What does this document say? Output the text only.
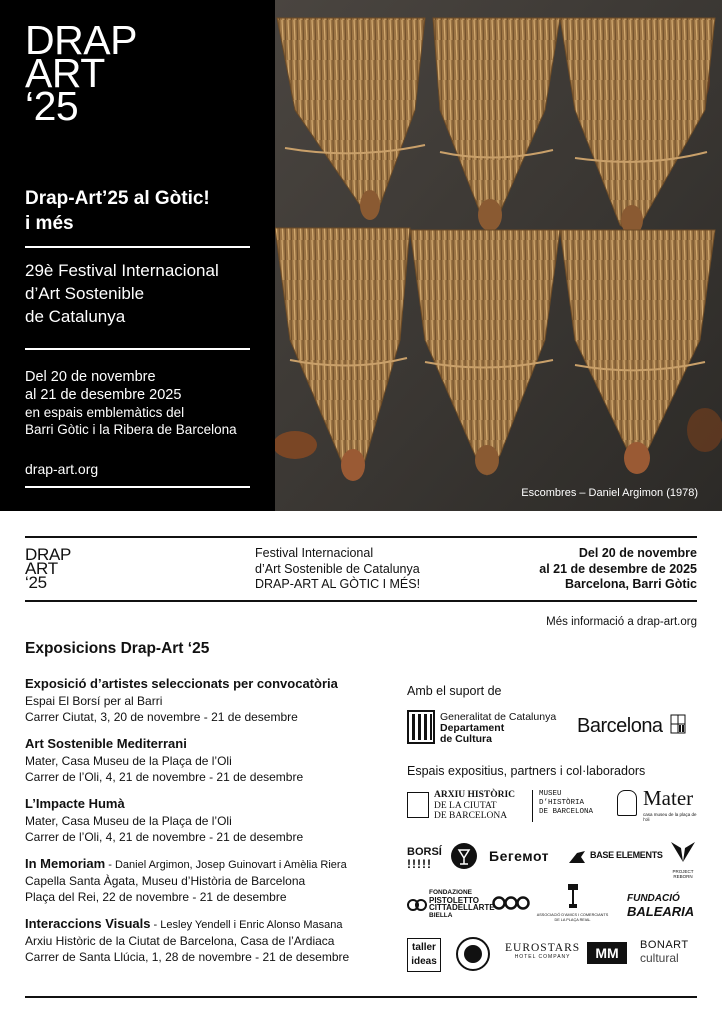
DRAP
ART
‘25
Drap-Art’25 al Gòtic!
i més
29è Festival Internacional
d’Art Sostenible
de Catalunya
Del 20 de novembre
al 21 de desembre 2025
en espais emblemàtics del
Barri Gòtic i la Ribera de Barcelona
drap-art.org
Escombres – Daniel Argimon (1978)
DRAP
ART
‘25
Festival Internacional
d’Art Sostenible de Catalunya
DRAP-ART AL GÒTIC I MÉS!
Del 20 de novembre
al 21 de desembre de 2025
Barcelona, Barri Gòtic
Més informació a drap-art.org
Exposicions Drap-Art ‘25
Exposició d’artistes seleccionats per convocatòria
Espai El Borsí per al Barri
Carrer Ciutat, 3, 20 de novembre - 21 de desembre
Art Sostenible Mediterrani
Mater, Casa Museu de la Plaça de l’Oli
Carrer de l’Oli, 4, 21 de novembre - 21 de desembre
L’Impacte Humà
Mater, Casa Museu de la Plaça de l’Oli
Carrer de l’Oli, 4, 21 de novembre - 21 de desembre
In Memoriam - Daniel Argimon, Josep Guinovart i Amèlia Riera
Capella Santa Àgata, Museu d’Història de Barcelona
Plaça del Rei, 22 de novembre - 21 de desembre
Interaccions Visuals - Lesley Yendell i Enric Alonso Masana
Arxiu Històric de la Ciutat de Barcelona, Casa de l’Ardiaca
Carrer de Santa Llúcia, 1, 28 de novembre - 21 de desembre
Amb el suport de
Generalitat de Catalunya
Departament
de Cultura
Barcelona
Espais expositius, partners i col·laboradors
ARXIU HISTÒRIC
DE LA CIUTAT
DE BARCELONA
MUSEU
D’HISTÒRIA
DE BARCELONA
Mater
casa museu de la plaça de l’oli
BORSÍ
!!!!!	Бегемот	BASE ELEMENTS
PROJECT REBORN
FONDAZIONE
PISTOLETTO
CITTADELLARTE
BIELLA	ASSOCIACIÓ D’AMICS I COMERCIANTS DE LA PLAÇA REIAL
FUNDACIÓ
BALEARIA
taller
ideas
EUROSTARS
HOTEL COMPANY	MM	BONART
cultural
